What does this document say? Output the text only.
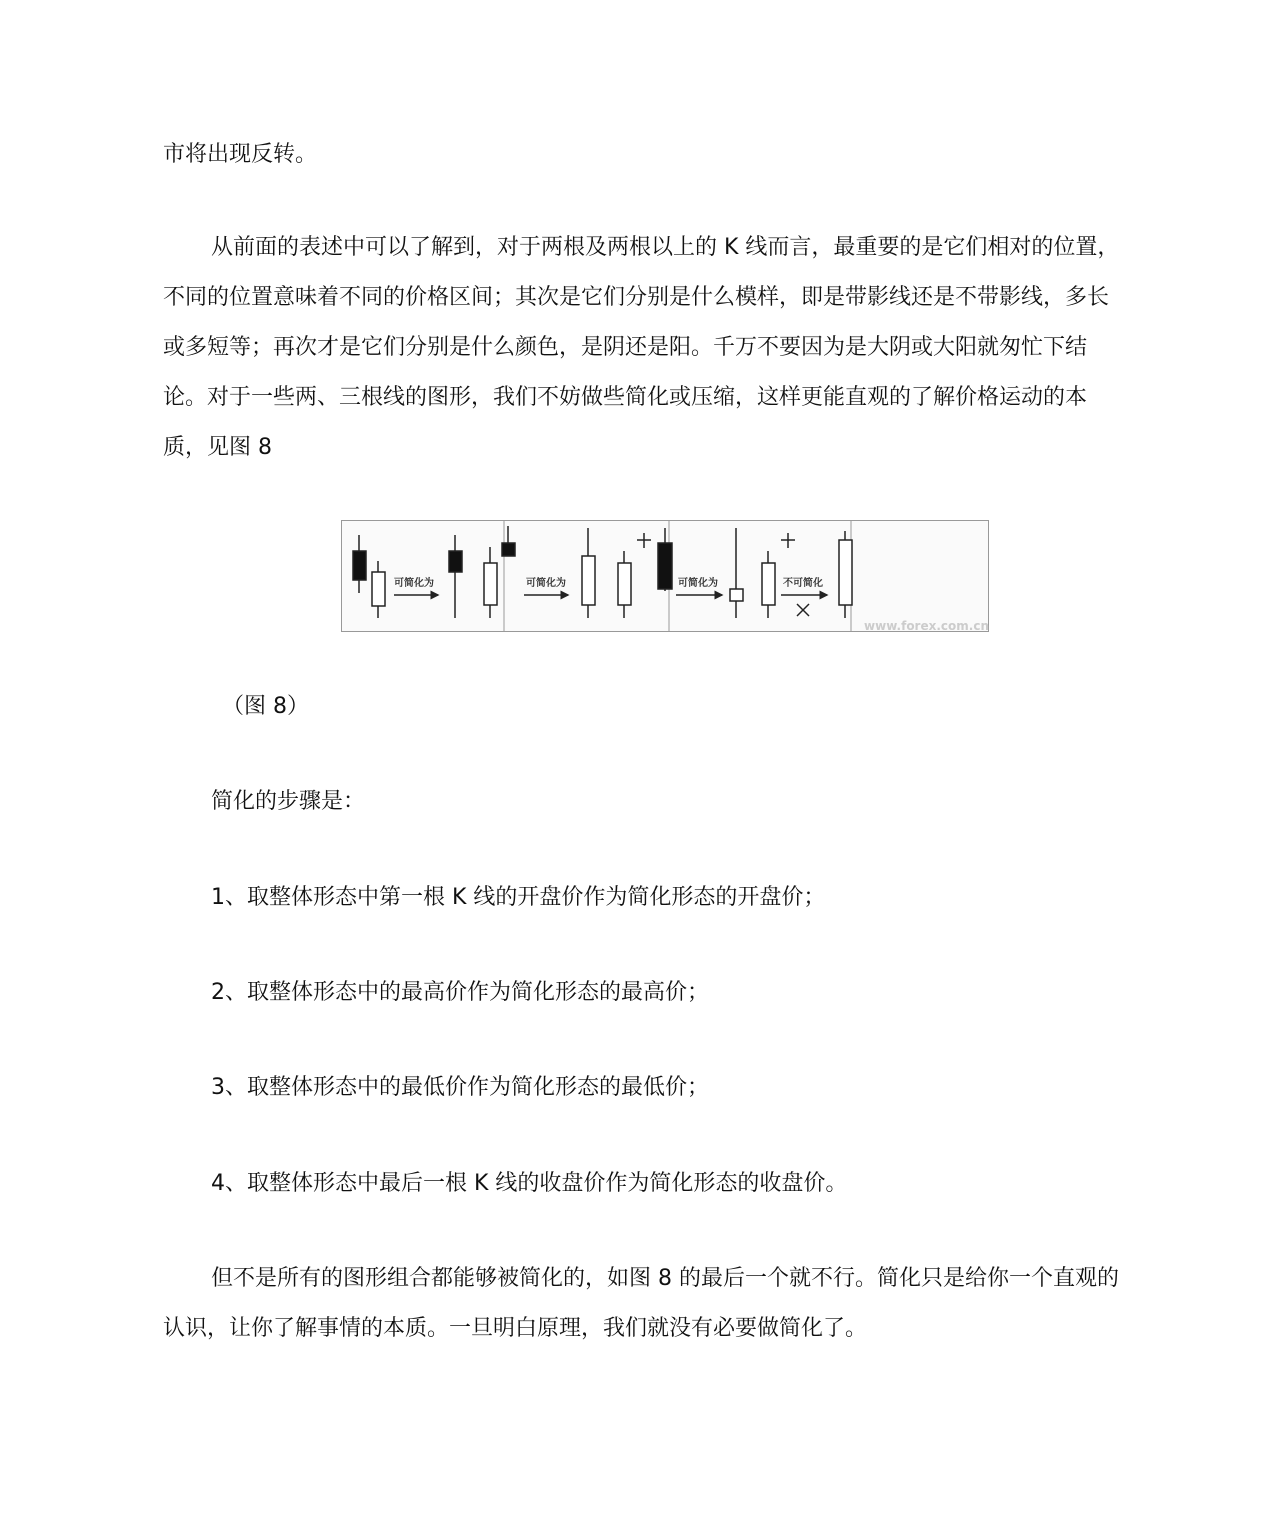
市将出现反转。

从前面的表述中可以了解到，对于两根及两根以上的 K 线而言，最重要的是它们相对的位置，不同的位置意味着不同的价格区间；其次是它们分别是什么模样，即是带影线还是不带影线，多长或多短等；再次才是它们分别是什么颜色，是阴还是阳。千万不要因为是大阴或大阳就匆忙下结论。对于一些两、三根线的图形，我们不妨做些简化或压缩，这样更能直观的了解价格运动的本质，见图 8

可简化为	可简化为	可简化为	不可简化
www.forex.com.cn
（图 8）
简化的步骤是：
1、取整体形态中第一根 K 线的开盘价作为简化形态的开盘价；
2、取整体形态中的最高价作为简化形态的最高价；
3、取整体形态中的最低价作为简化形态的最低价；
4、取整体形态中最后一根 K 线的收盘价作为简化形态的收盘价。

但不是所有的图形组合都能够被简化的，如图 8 的最后一个就不行。简化只是给你一个直观的认识，让你了解事情的本质。一旦明白原理，我们就没有必要做简化了。
